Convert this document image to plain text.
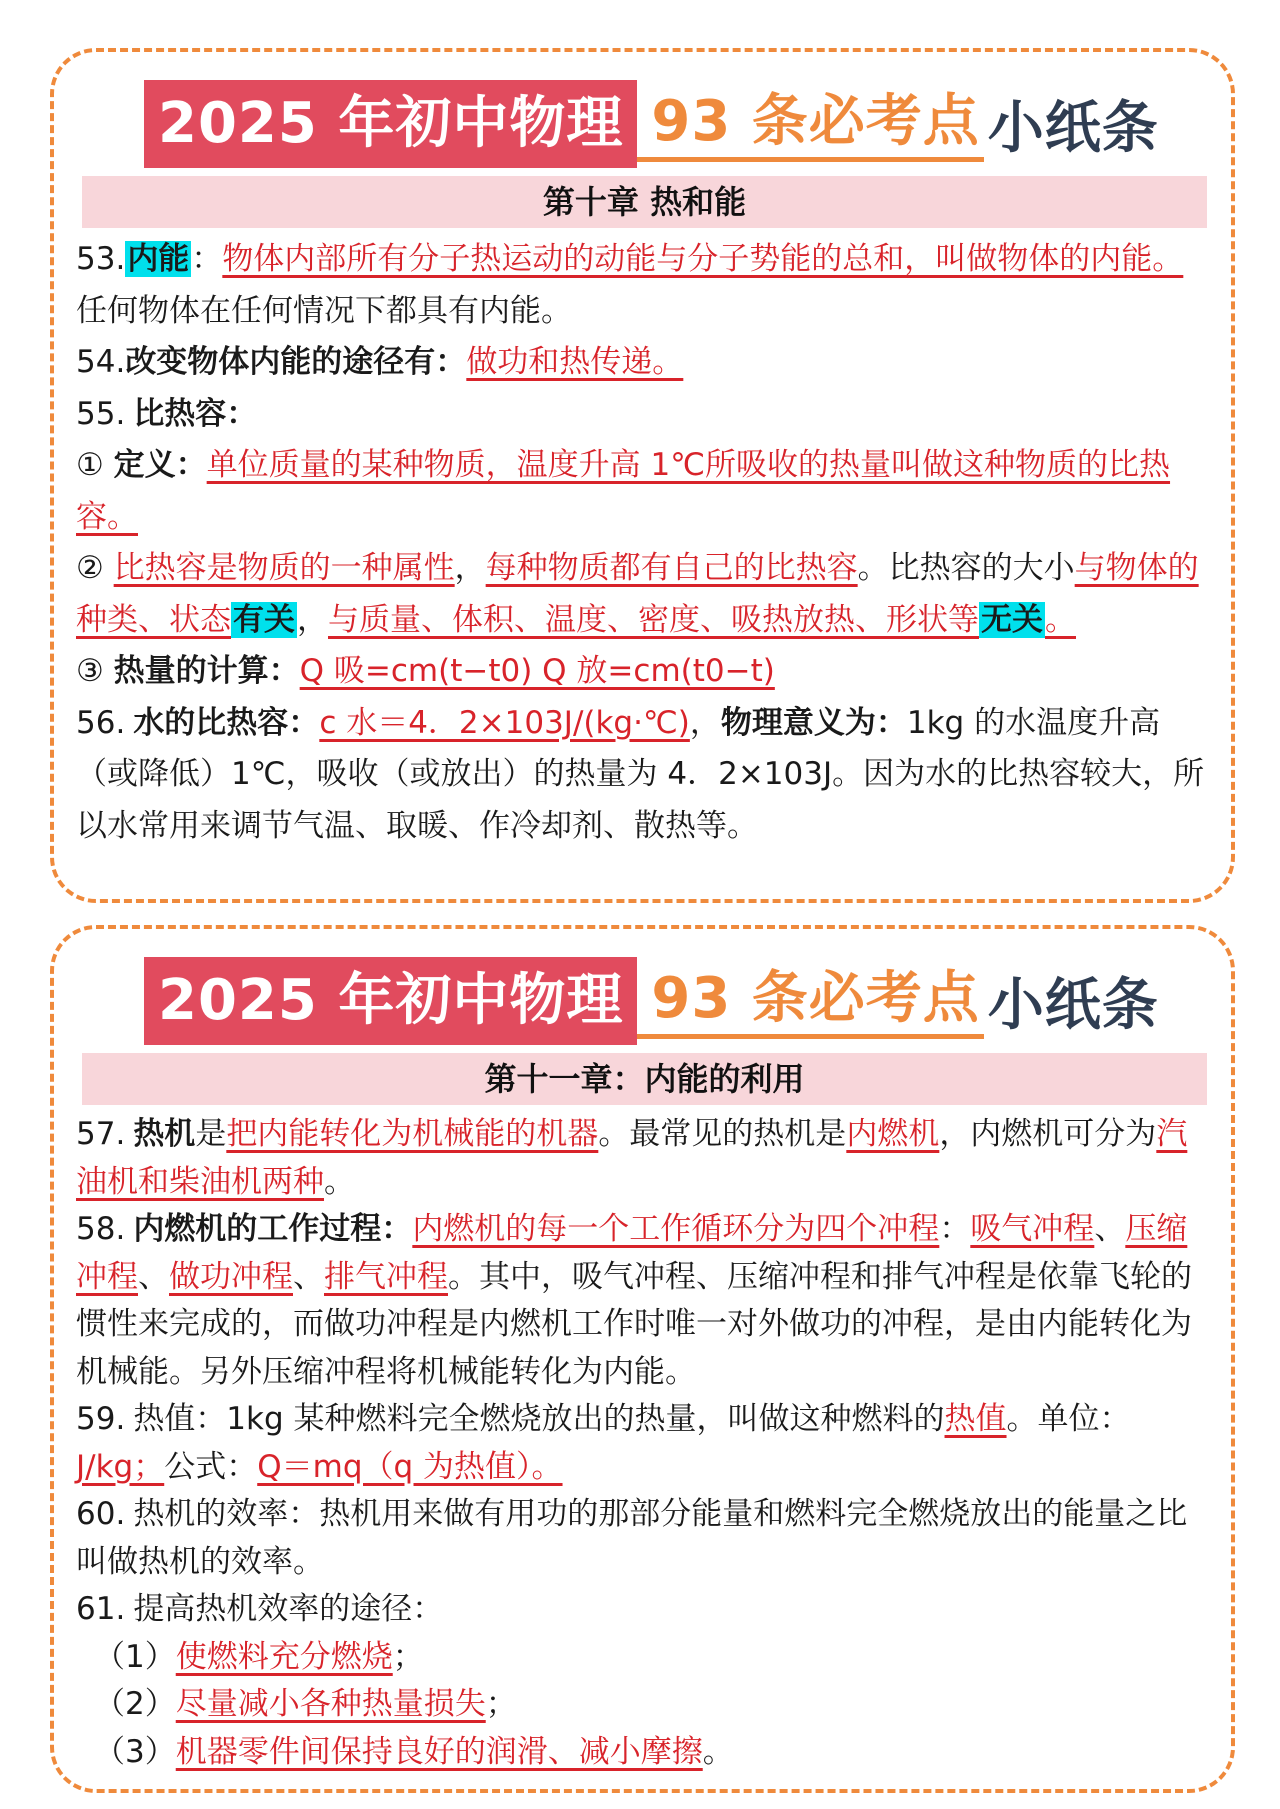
2025 年初中物理 93 条必考点 小纸条
第十章 热和能

53.内能：物体内部所有分子热运动的动能与分子势能的总和，叫做物体的内能。任何物体在任何情况下都具有内能。

54.改变物体内能的途径有：做功和热传递。

55. 比热容：

① 定义：单位质量的某种物质，温度升高 1℃所吸收的热量叫做这种物质的比热容。

② 比热容是物质的一种属性，每种物质都有自己的比热容。比热容的大小与物体的种类、状态有关，与质量、体积、温度、密度、吸热放热、形状等无关。

③ 热量的计算：Q 吸=cm(t−t0) Q 放=cm(t0−t)

56. 水的比热容：c 水＝4．2×103J/(kg·℃)，物理意义为：1kg 的水温度升高（或降低）1℃，吸收（或放出）的热量为 4．2×103J。因为水的比热容较大，所以水常用来调节气温、取暖、作冷却剂、散热等。

2025 年初中物理 93 条必考点 小纸条
第十一章：内能的利用

57. 热机是把内能转化为机械能的机器。最常见的热机是内燃机，内燃机可分为汽油机和柴油机两种。

58. 内燃机的工作过程：内燃机的每一个工作循环分为四个冲程：吸气冲程、压缩冲程、做功冲程、排气冲程。其中，吸气冲程、压缩冲程和排气冲程是依靠飞轮的惯性来完成的，而做功冲程是内燃机工作时唯一对外做功的冲程，是由内能转化为机械能。另外压缩冲程将机械能转化为内能。

59. 热值：1kg 某种燃料完全燃烧放出的热量，叫做这种燃料的热值。单位：J/kg；公式：Q＝mq（q 为热值）。

60. 热机的效率：热机用来做有用功的那部分能量和燃料完全燃烧放出的能量之比叫做热机的效率。

61. 提高热机效率的途径：

（1）使燃料充分燃烧；

（2）尽量减小各种热量损失；

（3）机器零件间保持良好的润滑、减小摩擦。
